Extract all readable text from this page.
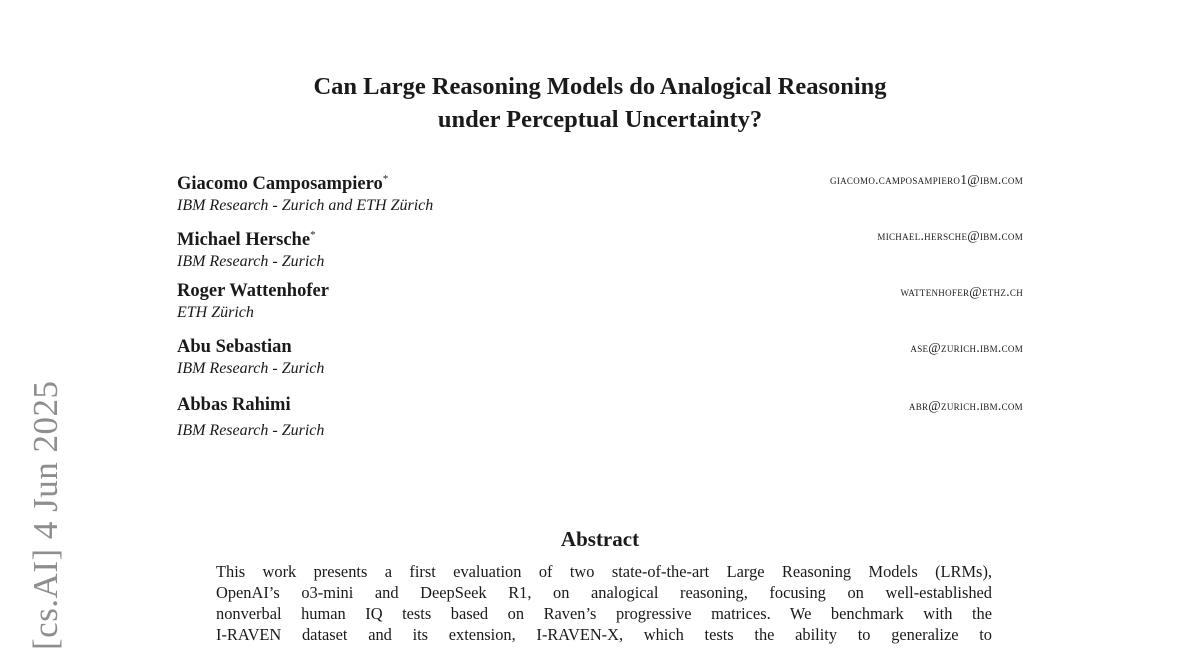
Can Large Reasoning Models do Analogical Reasoning
under Perceptual Uncertainty?
Giacomo Camposampiero*
IBM Research - Zurich and ETH Zürich
giacomo.camposampiero1@ibm.com
Michael Hersche*
IBM Research - Zurich
michael.hersche@ibm.com
Roger Wattenhofer
ETH Zürich
wattenhofer@ethz.ch
Abu Sebastian
IBM Research - Zurich
ase@zurich.ibm.com
Abbas Rahimi
IBM Research - Zurich
abr@zurich.ibm.com
[cs.AI] 4 Jun 2025	Abstract
This work presents a first evaluation of two state-of-the-art Large Reasoning Models (LRMs),
OpenAI’s o3-mini and DeepSeek R1, on analogical reasoning, focusing on well-established
nonverbal human IQ tests based on Raven’s progressive matrices. We benchmark with the
I-RAVEN dataset and its extension, I-RAVEN-X, which tests the ability to generalize to
